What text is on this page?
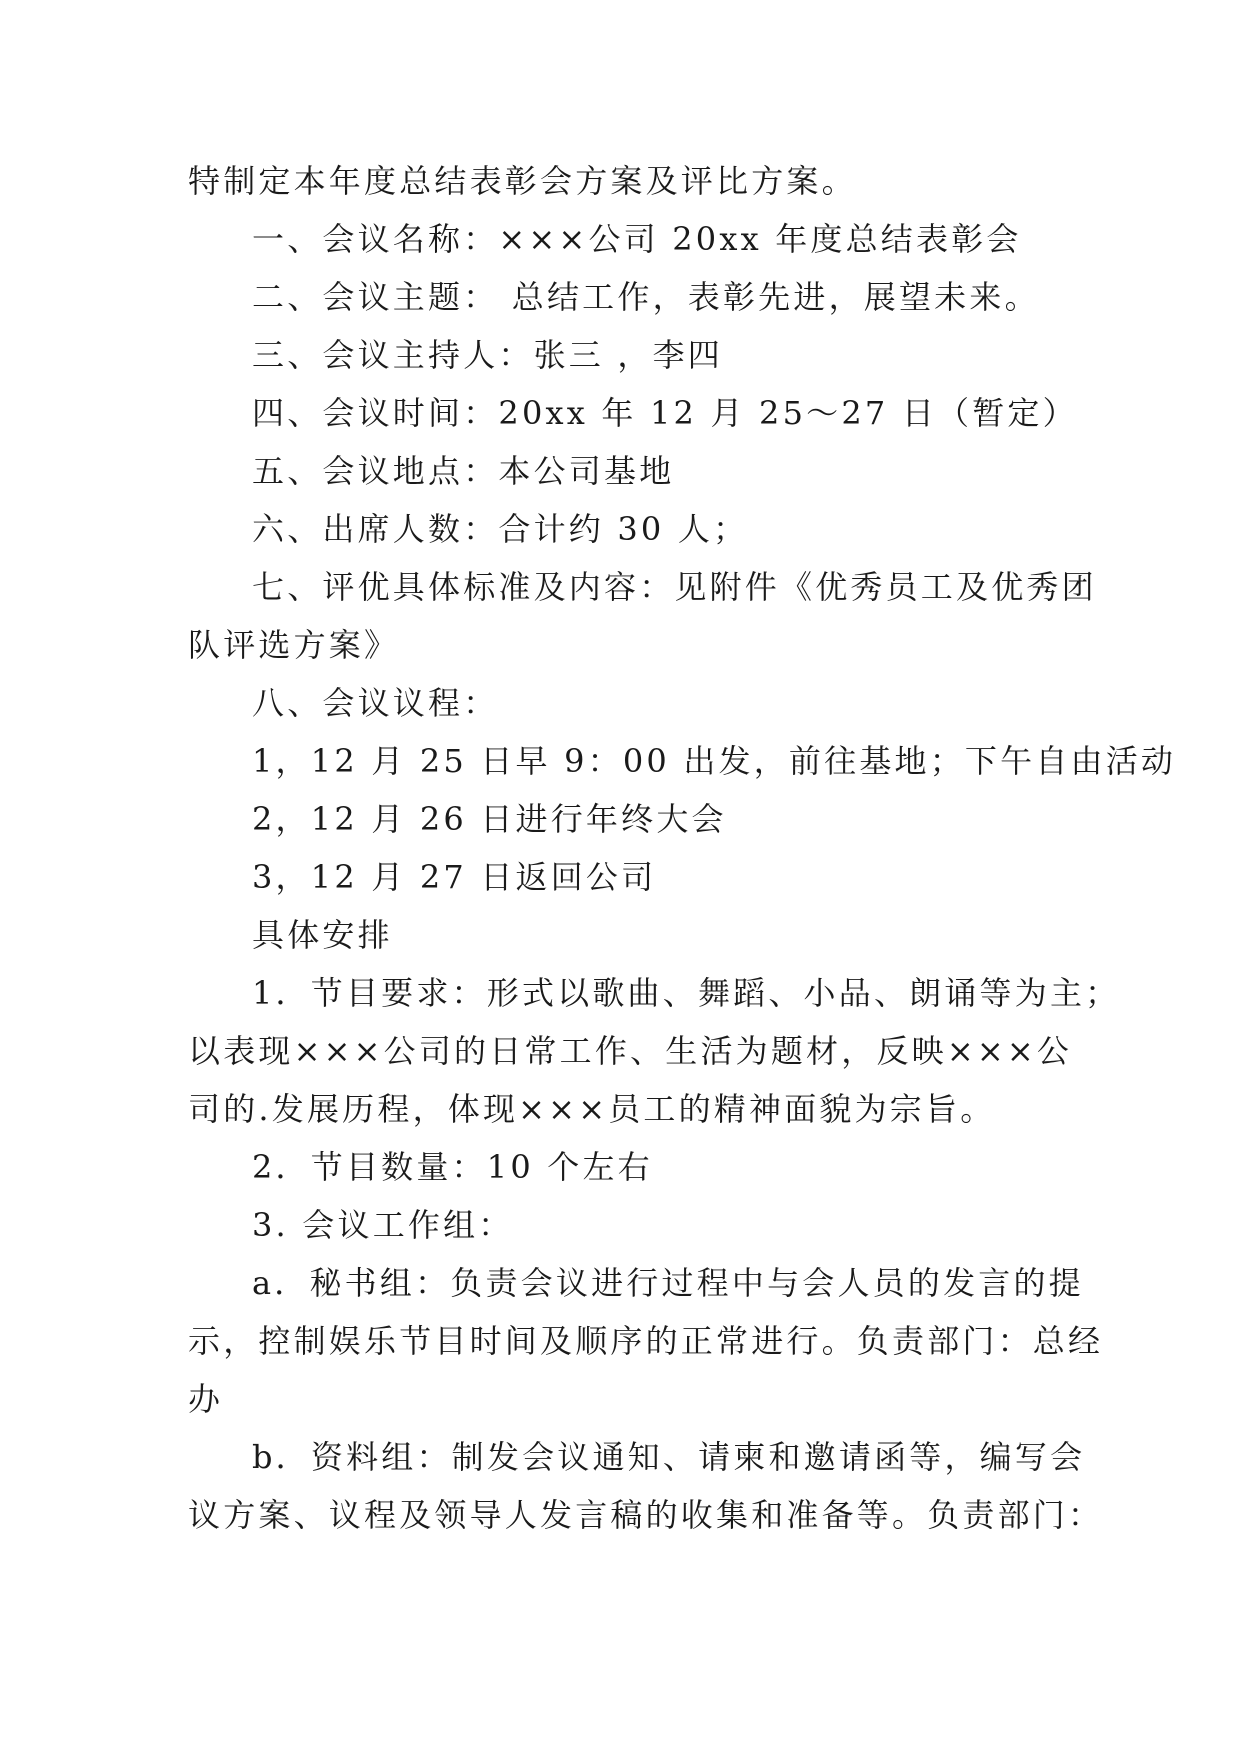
特制定本年度总结表彰会方案及评比方案。

一、会议名称：×××公司 20xx 年度总结表彰会

二、会议主题： 总结工作，表彰先进，展望未来。

三、会议主持人：张三 ，李四

四、会议时间：20xx 年 12 月 25～27 日（暂定）

五、会议地点：本公司基地

六、出席人数：合计约 30 人；

七、评优具体标准及内容：见附件《优秀员工及优秀团

队评选方案》

八、会议议程：

1，12 月 25 日早 9：00 出发，前往基地；下午自由活动

2，12 月 26 日进行年终大会

3，12 月 27 日返回公司

具体安排

1．节目要求：形式以歌曲、舞蹈、小品、朗诵等为主；

以表现×××公司的日常工作、生活为题材，反映×××公

司的.发展历程，体现×××员工的精神面貌为宗旨。

2．节目数量：10 个左右

3. 会议工作组：

a．秘书组：负责会议进行过程中与会人员的发言的提

示，控制娱乐节目时间及顺序的正常进行。负责部门：总经

办

b．资料组：制发会议通知、请柬和邀请函等，编写会

议方案、议程及领导人发言稿的收集和准备等。负责部门：
